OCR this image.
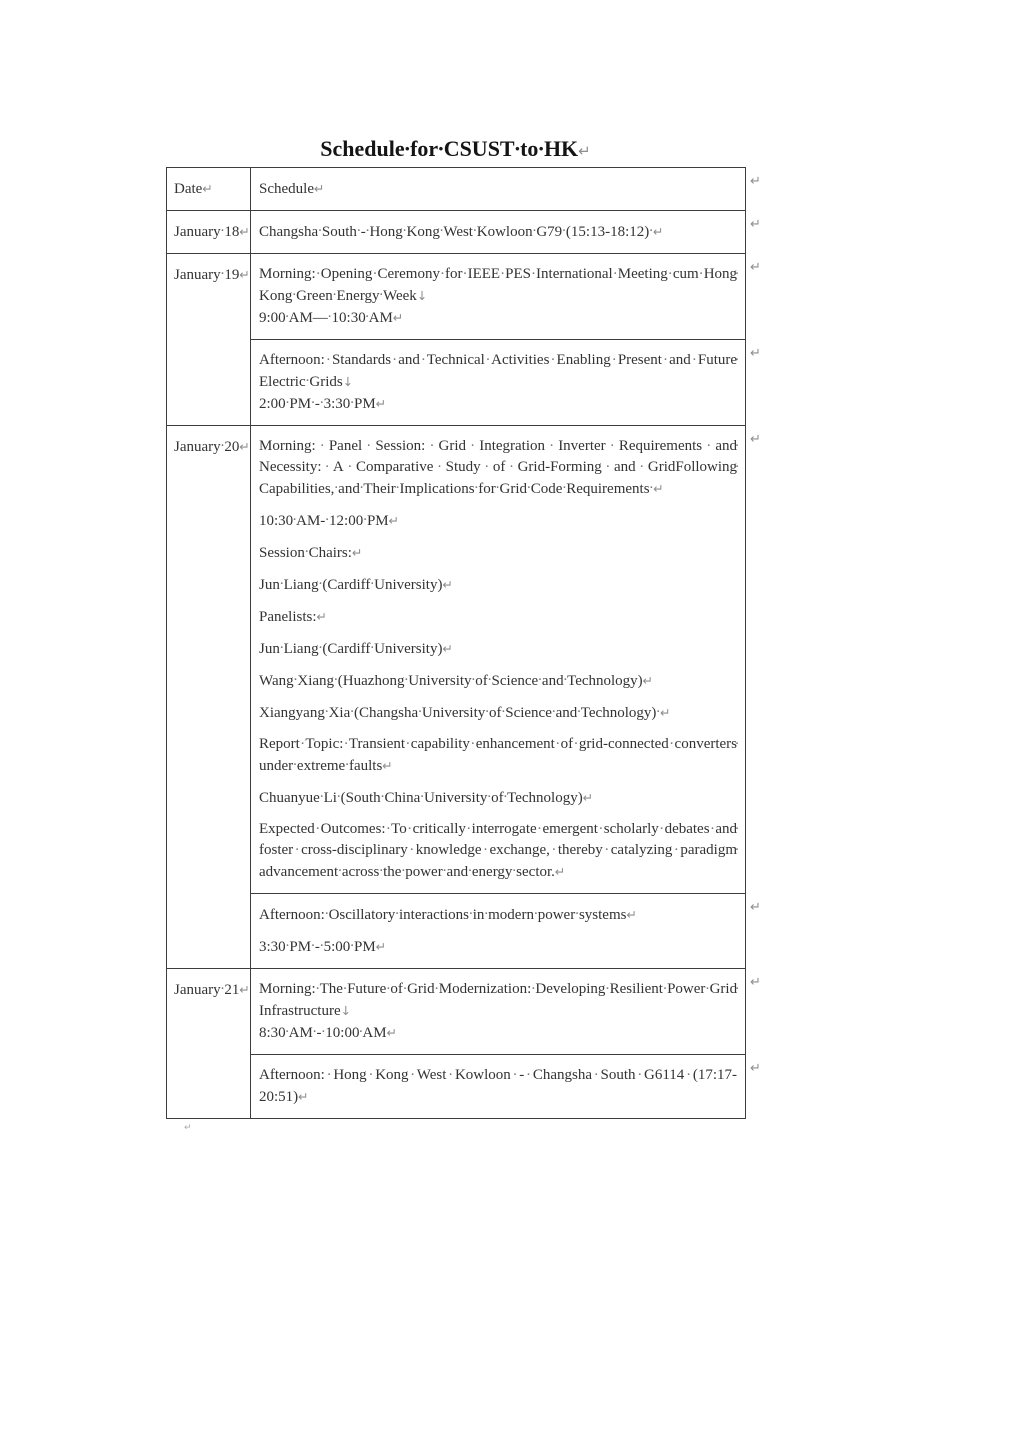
Schedule · for · CSUST · to · HK↵

Date↵	Schedule↵	↵

January · 18↵	Changsha · South · - · Hong · Kong · West · Kowloon· G79 · (15:13-18:12) · ↵	↵

January · 19↵	Morning: · Opening · Ceremony · for · IEEE · PES· International · Meeting · cum · Hong Kong · Green · Energy· Week↓
9:00 · AM— · 10:30 · AM↵	↵

	Afternoon: · Standards · and · Technical · Activities · Enabling· Present · and · Future Electric · Grids↓
2:00 · PM · - · 3:30 · PM↵	↵

January · 20↵	Morning: · Panel · Session: · Grid · Integration · Inverter· Requirements · and Necessity: · A · Comparative · Study · of · Grid-Forming · and · GridFollowing Capabilities, · and· Their · Implications · for · Grid · Code · Requirements · ↵

10:30 · AM- · 12:00 · PM↵

Session · Chairs:↵

Jun · Liang · (Cardiff · University)↵

Panelists:↵

Jun · Liang · (Cardiff · University)↵

Wang · Xiang · (Huazhong · University · of · Science · and· Technology)↵

Xiangyang · Xia · (Changsha · University · of · Science · and · Technology) · ↵

Report · Topic: · Transient · capability · enhancement · of· grid-connected · converters under · extreme · faults↵

Chuanyue · Li · (South · China · University · of· Technology)↵

Expected · Outcomes: · To · critically · interrogate · emergent· scholarly · debates · and foster · cross-disciplinary · knowledge· exchange, · thereby · catalyzing · paradigm advancement · across · the · power · and · energy · sector.↵

	↵

	Afternoon: · Oscillatory · interactions · in · modern · power· systems↵

3:30 · PM · - · 5:00 · PM↵	↵

January · 21↵	Morning: · The · Future · of · Grid · Modernization:· Developing · Resilient · Power · Grid Infrastructure↓
8:30 · AM · - · 10:00 · AM↵	↵

	Afternoon: · Hong · Kong · West · Kowloon · - · Changsha· South · G6114 · (17:17-20:51)↵	↵
↵
